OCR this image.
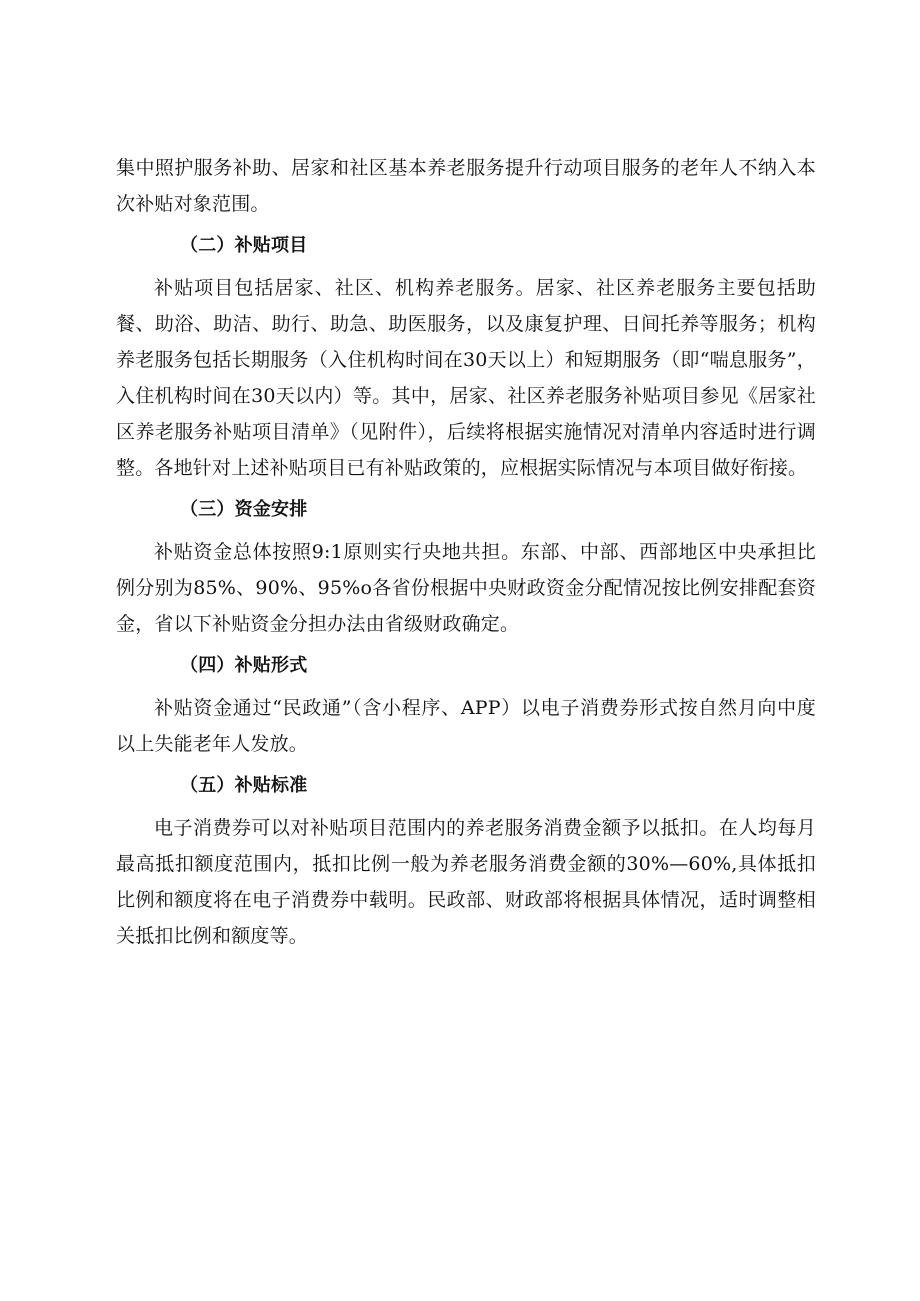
集中照护服务补助、居家和社区基本养老服务提升行动项目服务的老年人不纳入本次补贴对象范围。

（二）补贴项目

补贴项目包括居家、社区、机构养老服务。居家、社区养老服务主要包括助餐、助浴、助洁、助行、助急、助医服务，以及康复护理、日间托养等服务；机构养老服务包括长期服务（入住机构时间在30天以上）和短期服务（即“喘息服务”，入住机构时间在30天以内）等。其中，居家、社区养老服务补贴项目参见《居家社区养老服务补贴项目清单》（见附件），后续将根据实施情况对清单内容适时进行调整。各地针对上述补贴项目已有补贴政策的，应根据实际情况与本项目做好衔接。

（三）资金安排

补贴资金总体按照9:1原则实行央地共担。东部、中部、西部地区中央承担比例分别为85%、90%、95%o各省份根据中央财政资金分配情况按比例安排配套资金，省以下补贴资金分担办法由省级财政确定。

（四）补贴形式

补贴资金通过“民政通”（含小程序、APP）以电子消费券形式按自然月向中度以上失能老年人发放。

（五）补贴标准

电子消费券可以对补贴项目范围内的养老服务消费金额予以抵扣。在人均每月最高抵扣额度范围内，抵扣比例一般为养老服务消费金额的30%—60%,具体抵扣比例和额度将在电子消费券中载明。民政部、财政部将根据具体情况，适时调整相关抵扣比例和额度等。
